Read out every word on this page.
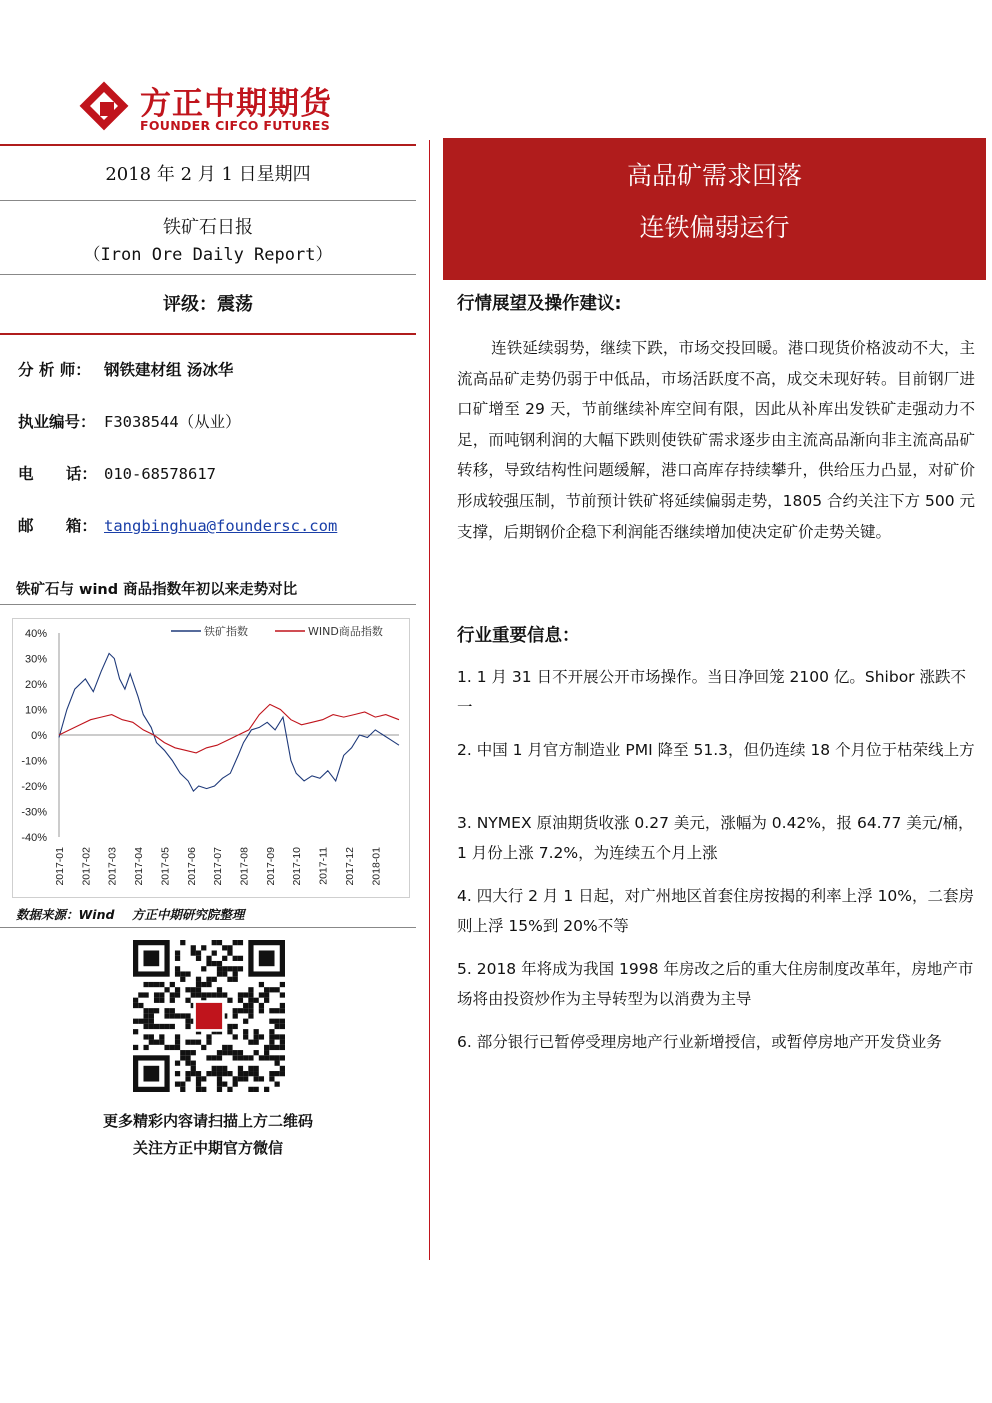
方正中期期货
FOUNDER CIFCO FUTURES
2018 年 2 月 1 日星期四
铁矿石日报
（Iron Ore Daily Report）
评级：震荡
分 析 师： 钢铁建材组 汤冰华
执业编号： F3038544（从业）
电      话： 010-68578617
邮      箱： tangbinghua@foundersc.com
铁矿石与 wind 商品指数年初以来走势对比
40%
30%
20%
10%
0%
-10%
-20%
-30%
-40%
2017-01 2017-02 2017-03 2017-04 2017-05 2017-06 2017-07 2017-08 2017-09 2017-10 2017-11 2017-12 2018-01
铁矿指数	WIND商品指数
数据来源：Wind    方正中期研究院整理
更多精彩内容请扫描上方二维码
关注方正中期官方微信
高品矿需求回落
连铁偏弱运行
行情展望及操作建议:
连铁延续弱势，继续下跌，市场交投回暖。港口现货价格波动不大，主流高品矿走势仍弱于中低品，市场活跃度不高，成交未现好转。目前钢厂进口矿增至 29 天，节前继续补库空间有限，因此从补库出发铁矿走强动力不足，而吨钢利润的大幅下跌则使铁矿需求逐步由主流高品渐向非主流高品矿转移，导致结构性问题缓解，港口高库存持续攀升，供给压力凸显，对矿价形成较强压制，节前预计铁矿将延续偏弱走势，1805 合约关注下方 500 元支撑，后期钢价企稳下利润能否继续增加使决定矿价走势关键。
行业重要信息：
1. 1 月 31 日不开展公开市场操作。当日净回笼 2100 亿。Shibor 涨跌不一
2. 中国 1 月官方制造业 PMI 降至 51.3，但仍连续 18 个月位于枯荣线上方
3. NYMEX 原油期货收涨 0.27 美元，涨幅为 0.42%，报 64.77 美元/桶，1 月份上涨 7.2%，为连续五个月上涨
4. 四大行 2 月 1 日起，对广州地区首套住房按揭的利率上浮 10%，二套房则上浮 15%到 20%不等
5. 2018 年将成为我国 1998 年房改之后的重大住房制度改革年，房地产市场将由投资炒作为主导转型为以消费为主导
6. 部分银行已暂停受理房地产行业新增授信，或暂停房地产开发贷业务
